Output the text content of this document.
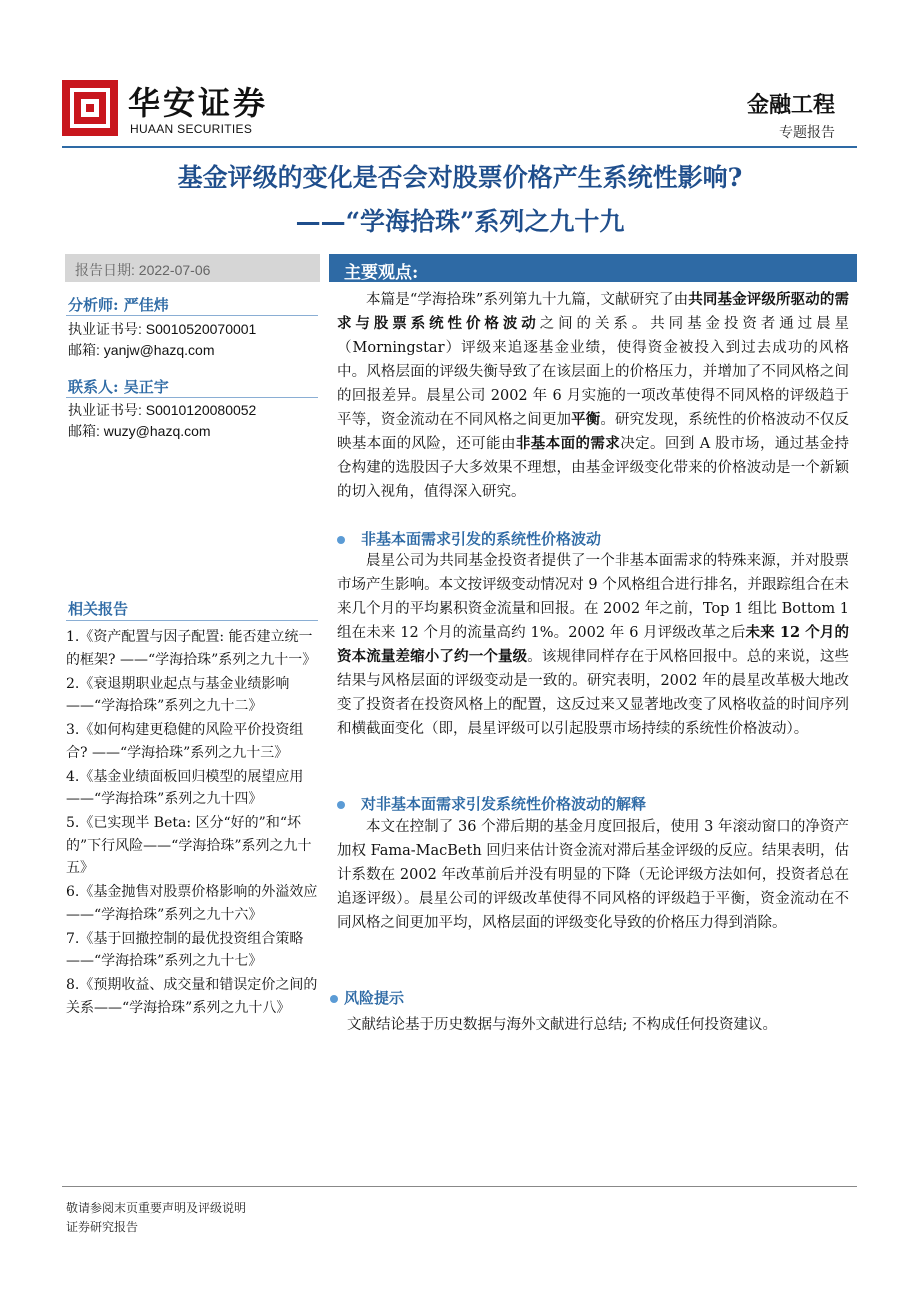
华安证券
HUAAN SECURITIES
金融工程
专题报告
基金评级的变化是否会对股票价格产生系统性影响?
——“学海拾珠”系列之九十九
报告日期: 2022-07-06
分析师: 严佳炜
执业证书号: S0010520070001
邮箱: yanjw@hazq.com
联系人: 吴正宇
执业证书号: S0010120080052
邮箱: wuzy@hazq.com
相关报告
1.《资产配置与因子配置: 能否建立统一的框架? ——“学海拾珠”系列之九十一》
2.《衰退期职业起点与基金业绩影响——“学海拾珠”系列之九十二》
3.《如何构建更稳健的风险平价投资组合? ——“学海拾珠”系列之九十三》
4.《基金业绩面板回归模型的展望应用——“学海拾珠”系列之九十四》
5.《已实现半 Beta: 区分“好的”和“坏的”下行风险——“学海拾珠”系列之九十五》
6.《基金抛售对股票价格影响的外溢效应——“学海拾珠”系列之九十六》
7.《基于回撤控制的最优投资组合策略——“学海拾珠”系列之九十七》
8.《预期收益、成交量和错误定价之间的关系——“学海拾珠”系列之九十八》
主要观点:
本篇是“学海拾珠”系列第九十九篇，文献研究了由共同基金评级所驱动的需求与股票系统性价格波动之间的关系。共同基金投资者通过晨星（Morningstar）评级来追逐基金业绩，使得资金被投入到过去成功的风格中。风格层面的评级失衡导致了在该层面上的价格压力，并增加了不同风格之间的回报差异。晨星公司 2002 年 6 月实施的一项改革使得不同风格的评级趋于平等，资金流动在不同风格之间更加平衡。研究发现，系统性的价格波动不仅反映基本面的风险，还可能由非基本面的需求决定。回到 A 股市场，通过基金持仓构建的选股因子大多效果不理想，由基金评级变化带来的价格波动是一个新颖的切入视角，值得深入研究。
非基本面需求引发的系统性价格波动
晨星公司为共同基金投资者提供了一个非基本面需求的特殊来源，并对股票市场产生影响。本文按评级变动情况对 9 个风格组合进行排名，并跟踪组合在未来几个月的平均累积资金流量和回报。在 2002 年之前，Top 1 组比 Bottom 1 组在未来 12 个月的流量高约 1%。2002 年 6 月评级改革之后未来 12 个月的资本流量差缩小了约一个量级。该规律同样存在于风格回报中。总的来说，这些结果与风格层面的评级变动是一致的。研究表明，2002 年的晨星改革极大地改变了投资者在投资风格上的配置，这反过来又显著地改变了风格收益的时间序列和横截面变化（即，晨星评级可以引起股票市场持续的系统性价格波动）。
对非基本面需求引发系统性价格波动的解释
本文在控制了 36 个滞后期的基金月度回报后，使用 3 年滚动窗口的净资产加权 Fama-MacBeth 回归来估计资金流对滞后基金评级的反应。结果表明，估计系数在 2002 年改革前后并没有明显的下降（无论评级方法如何，投资者总在追逐评级）。晨星公司的评级改革使得不同风格的评级趋于平衡，资金流动在不同风格之间更加平均，风格层面的评级变化导致的价格压力得到消除。
风险提示
文献结论基于历史数据与海外文献进行总结; 不构成任何投资建议。
敬请参阅末页重要声明及评级说明
证券研究报告
